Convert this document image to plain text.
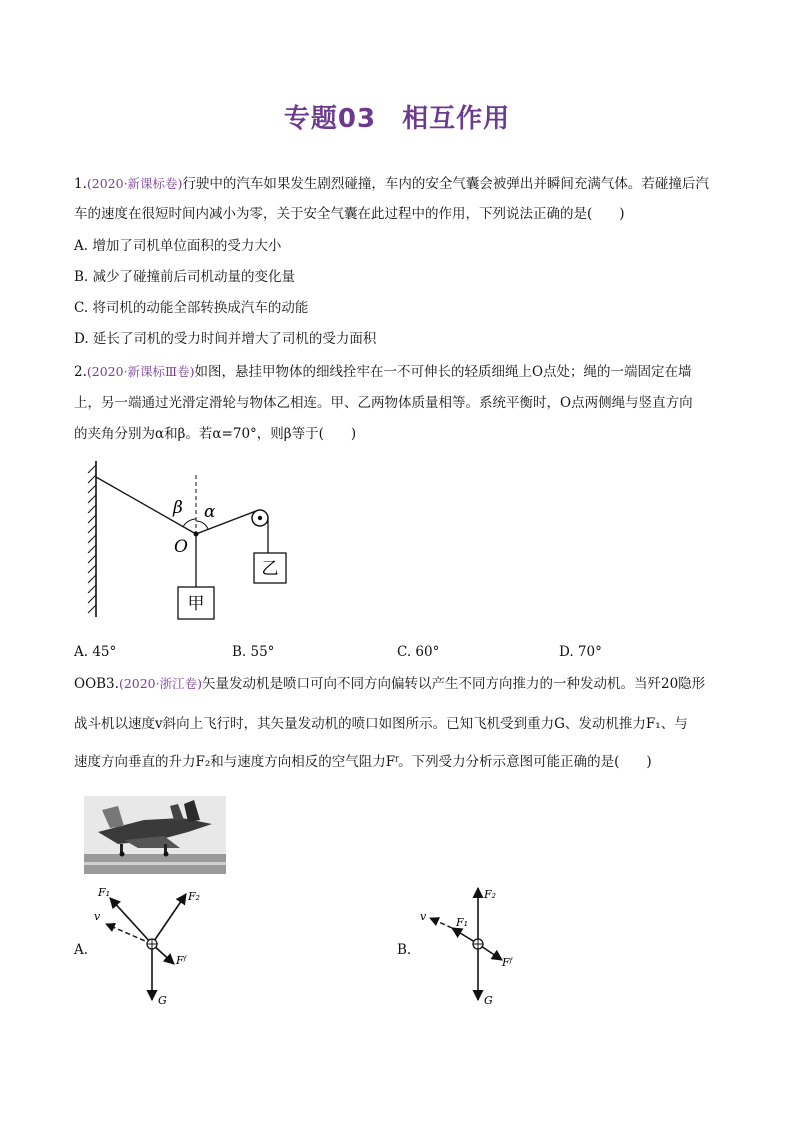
专题03 相互作用
1.(2020·新课标卷)行驶中的汽车如果发生剧烈碰撞，车内的安全气囊会被弹出并瞬间充满气体。若碰撞后汽
车的速度在很短时间内减小为零，关于安全气囊在此过程中的作用，下列说法正确的是(　　)
A. 增加了司机单位面积的受力大小
B. 减少了碰撞前后司机动量的变化量
C. 将司机的动能全部转换成汽车的动能
D. 延长了司机的受力时间并增大了司机的受力面积
2.(2020·新课标Ⅲ卷)如图，悬挂甲物体的细线拴牢在一不可伸长的轻质细绳上O点处；绳的一端固定在墙
上，另一端通过光滑定滑轮与物体乙相连。甲、乙两物体质量相等。系统平衡时，O点两侧绳与竖直方向
的夹角分别为α和β。若α=70°，则β等于(　　)
β α
O
甲
乙
A. 45°	B. 55°	C. 60°	D. 70°
OOB3.(2020·浙江卷)矢量发动机是喷口可向不同方向偏转以产生不同方向推力的一种发动机。当歼20隐形
战斗机以速度v斜向上飞行时，其矢量发动机的喷口如图所示。已知飞机受到重力G、发动机推力F₁、与
速度方向垂直的升力F₂和与速度方向相反的空气阻力Fᶠ。下列受力分析示意图可能正确的是(　　)
A.
F₁	F₂
v
Fᶠ
G
B.
F₂
F₁
v
Fᶠ
G
